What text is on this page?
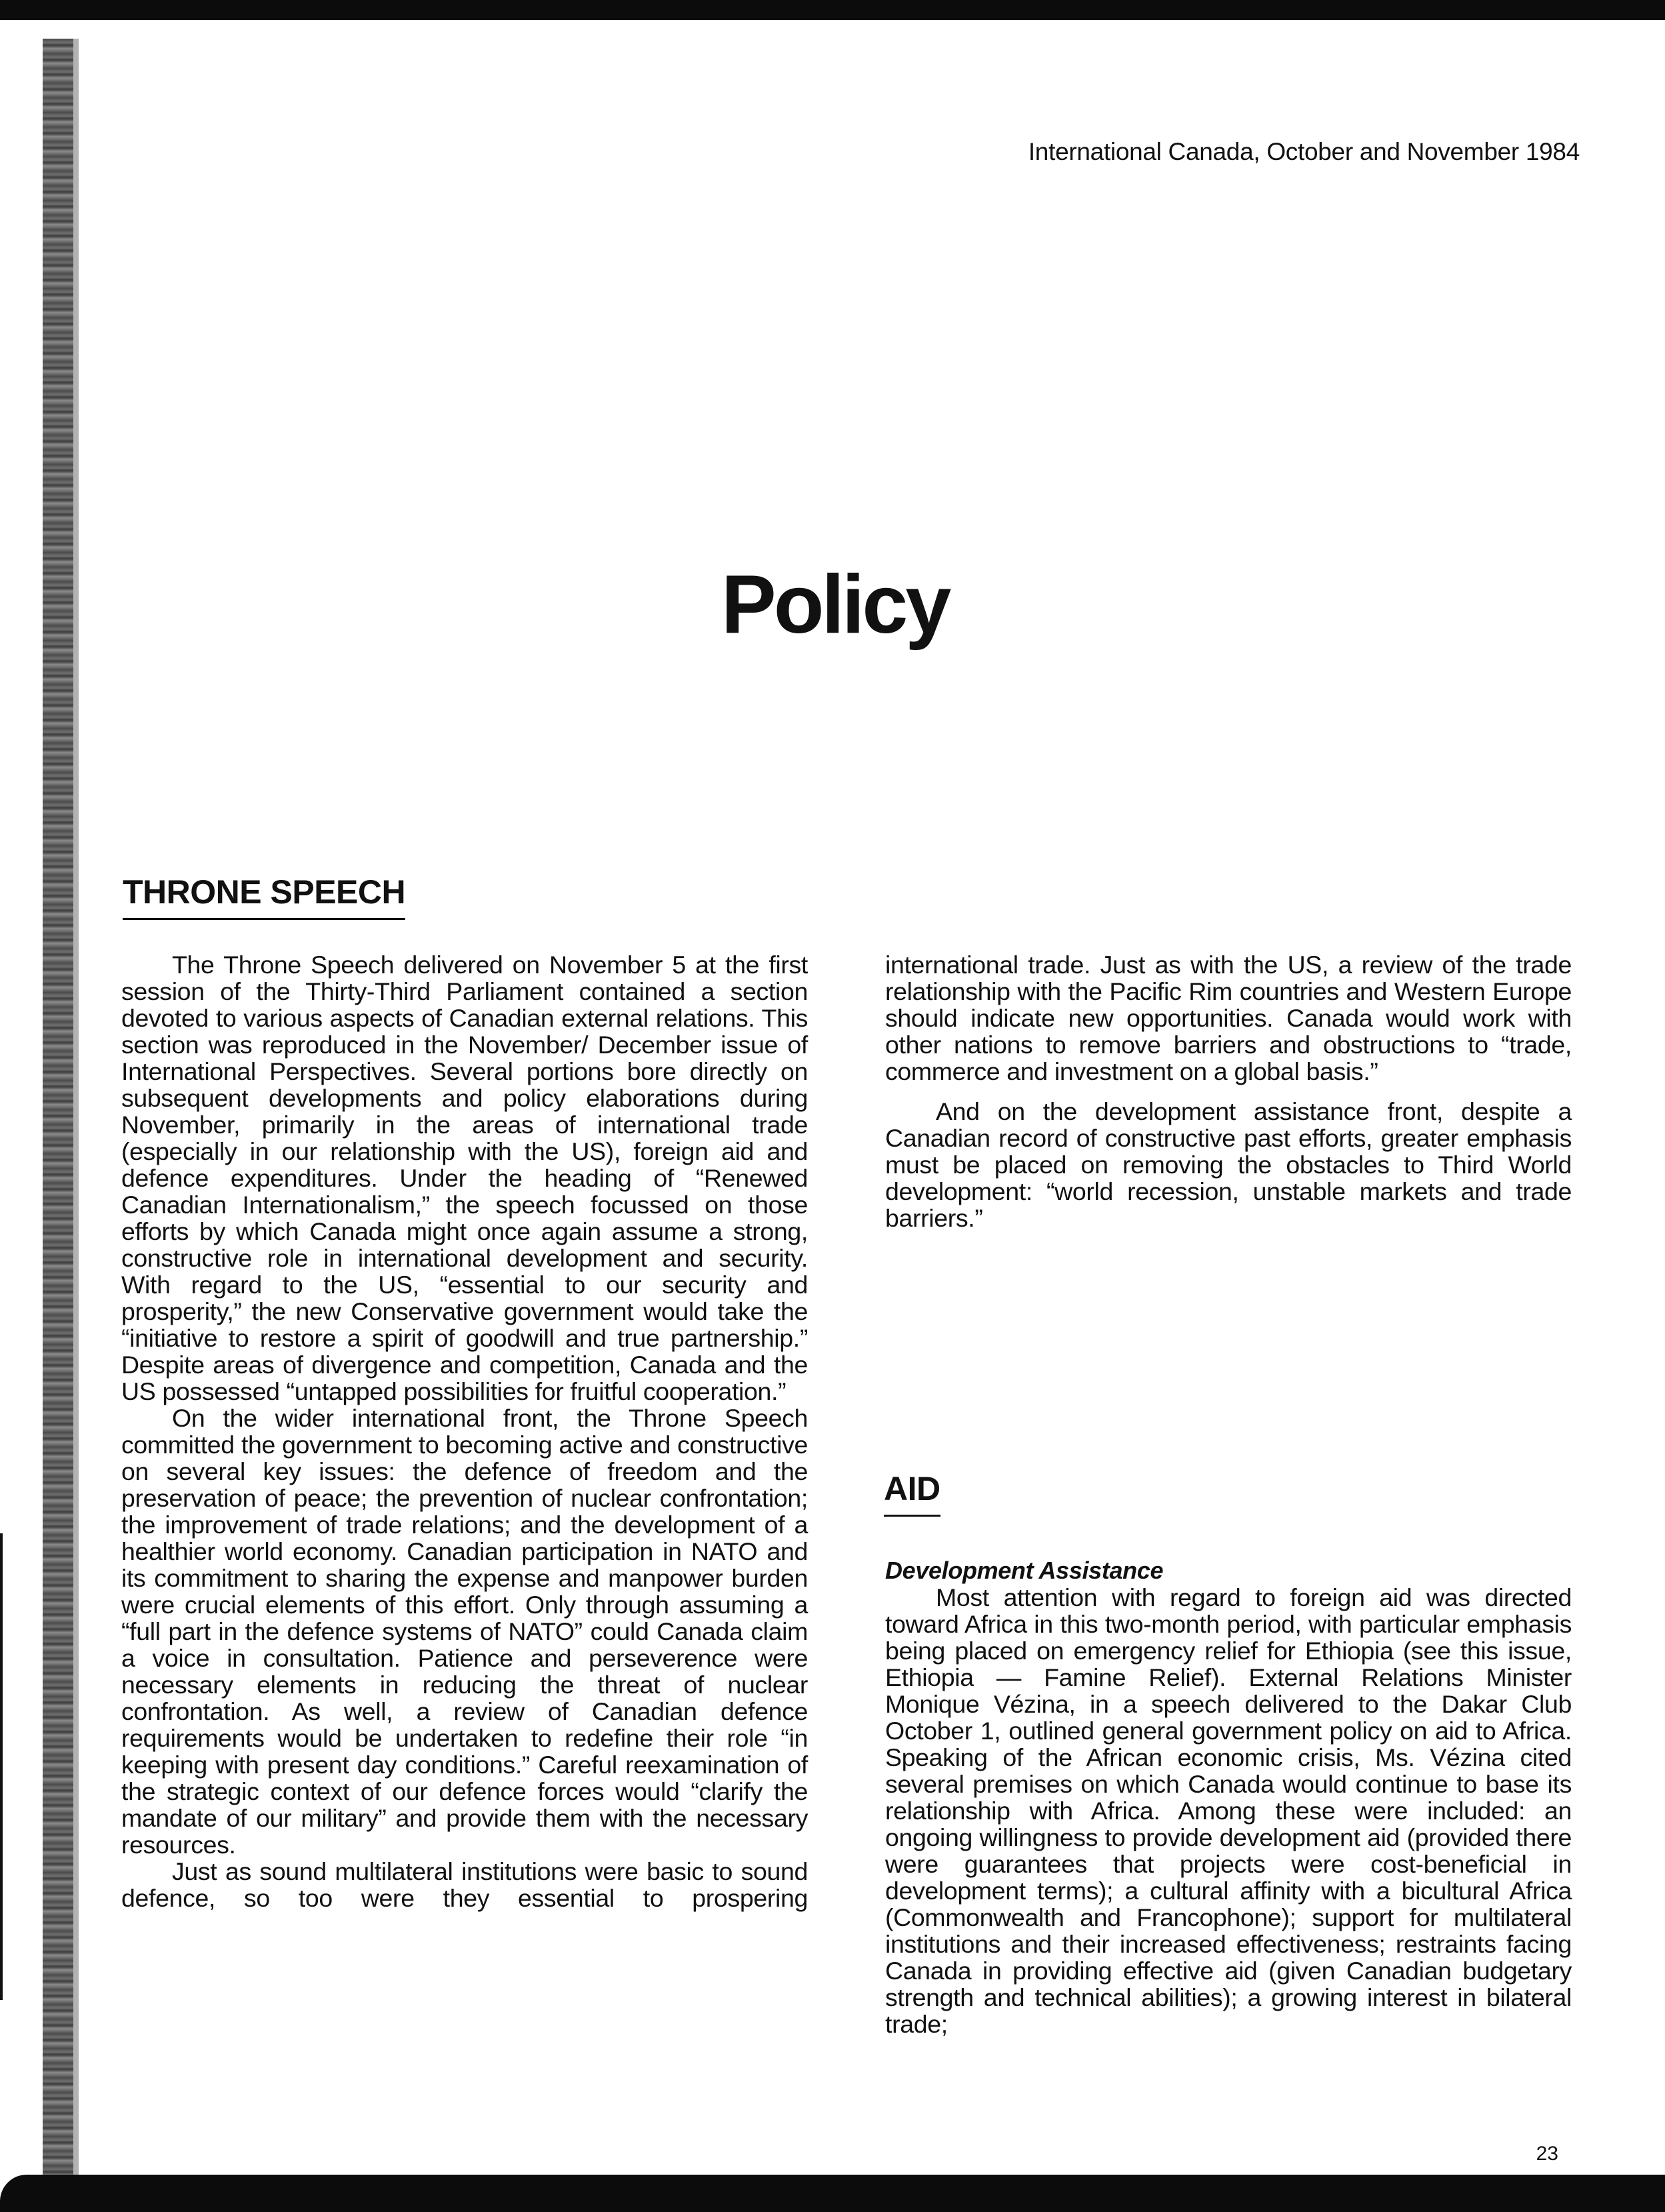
International Canada, October and November 1984
Policy
THRONE SPEECH

The Throne Speech delivered on November 5 at the first session of the Thirty-Third Parliament contained a section devoted to various aspects of Canadian external relations. This section was reproduced in the November/ December issue of International Perspectives. Several portions bore directly on subsequent developments and policy elaborations during November, primarily in the areas of international trade (especially in our relationship with the US), foreign aid and defence expenditures. Under the heading of “Renewed Canadian Internationalism,” the speech focussed on those efforts by which Canada might once again assume a strong, constructive role in international development and security. With regard to the US, “essential to our security and prosperity,” the new Conservative government would take the “initiative to restore a spirit of goodwill and true partnership.” Despite areas of divergence and competition, Canada and the US possessed “untapped possibilities for fruitful cooperation.”

On the wider international front, the Throne Speech committed the government to becoming active and constructive on several key issues: the defence of freedom and the preservation of peace; the prevention of nuclear confrontation; the improvement of trade relations; and the development of a healthier world economy. Canadian participation in NATO and its commitment to sharing the expense and manpower burden were crucial elements of this effort. Only through assuming a “full part in the defence systems of NATO” could Canada claim a voice in consultation. Patience and perseverence were necessary elements in reducing the threat of nuclear confrontation. As well, a review of Canadian defence requirements would be undertaken to redefine their role “in keeping with present day conditions.” Careful reexamination of the strategic context of our defence forces would “clarify the mandate of our military” and provide them with the necessary resources.

Just as sound multilateral institutions were basic to sound defence, so too were they essential to prospering

international trade. Just as with the US, a review of the trade relationship with the Pacific Rim countries and Western Europe should indicate new opportunities. Canada would work with other nations to remove barriers and obstructions to “trade, commerce and investment on a global basis.”

And on the development assistance front, despite a Canadian record of constructive past efforts, greater emphasis must be placed on removing the obstacles to Third World development: “world recession, unstable markets and trade barriers.”

AID
Development Assistance

Most attention with regard to foreign aid was directed toward Africa in this two-month period, with particular emphasis being placed on emergency relief for Ethiopia (see this issue, Ethiopia — Famine Relief). External Relations Minister Monique Vézina, in a speech delivered to the Dakar Club October 1, outlined general government policy on aid to Africa. Speaking of the African economic crisis, Ms. Vézina cited several premises on which Canada would continue to base its relationship with Africa. Among these were included: an ongoing willingness to provide development aid (provided there were guarantees that projects were cost-beneficial in development terms); a cultural affinity with a bicultural Africa (Commonwealth and Francophone); support for multilateral institutions and their increased effectiveness; restraints facing Canada in providing effective aid (given Canadian budgetary strength and technical abilities); a growing interest in bilateral trade;

23
